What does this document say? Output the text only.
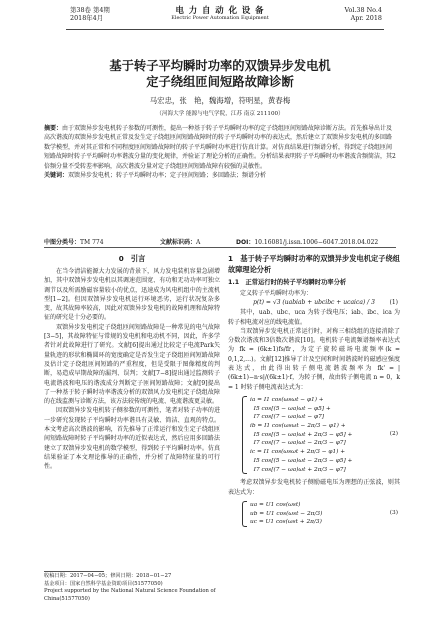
第38卷 第4期
2018年4月
电 力 自 动 化 设 备
Electric Power Automation Equipment
Vol.38 No.4
Apr. 2018
基于转子平均瞬时功率的双馈异步发电机
定子绕组匝间短路故障诊断
马宏忠，张　艳，魏海增，符明星，黄春梅
（河海大学 能源与电气学院，江苏 南京 211100）
摘要：由于双馈异步发电机转子参数的可测性，提出一种基于转子平均瞬时功率的定子绕组匝间短路故障诊断方法。首先推导出计及高次谐波的双馈异步发电机正常及发生定子绕组匝间短路故障时的转子平均瞬时功率的表达式，然后建立了双馈异步发电机的多回路数学模型，并对其正常和不同程度匝间短路故障时的转子平均瞬时功率进行仿真计算。对仿真结果进行频谱分析，得到定子绕组匝间短路故障时转子平均瞬时功率谐波分量的变化规律，并验证了理论分析的正确性。分析结果表明转子平均瞬时功率谐波含频简洁，其2倍频分量不受转差率影响，高次谐波分量对定子绕组匝间短路故障有较强的灵敏性。
关键词：双馈异步发电机；转子平均瞬时功率；定子匝间短路；多回路法；频谱分析
中图分类号：TM 774	文献标识码：A	DOI：10.16081/j.issn.1006−6047.2018.04.022
0　引言
在当今清洁能源大力发展的背景下，风力发电装机容量急剧增加，其中双馈异步发电机以其调速范围宽、有功和无功功率可独立调节以及所需励磁容量较小的优点，迅速成为风电机组中的主流机型[1−2]。但因双馈异步发电机运行环境恶劣，运行状况复杂多变，故其故障率较高，因此对双馈异步发电机的故障机理和故障特征的研究是十分必要的。
双馈异步发电机定子绕组匝间短路故障是一种常见的电气故障[3−5]，其故障特征与常规的发电机和电动机不同，因此，许多学者针对此故障进行了研究。文献[6]提出通过比较定子电流Park矢量轨迹的形状和椭圆环的宽度确定是否发生定子绕组匝间短路故障及估计定子绕组匝间短路的严重程度，但是受限于图像精度的判断，易造成早期故障的漏判、误判；文献[7−8]提出通过监测转子电流谐波和电压的谐波成分判断定子匝间短路故障；文献[9]提出了一种基于转子瞬时功率谐波分析的双馈风力发电机定子绕组故障的在线监测与诊断方法，该方法较传统的电流、电流谐波更灵敏。
因双馈异步发电机转子侧参数的可测性，笔者对转子功率的进一步研究发现转子平均瞬时功率谐具有灵敏、简洁、直观的特点。本文考虑高次谐波的影响，首先推导了正常运行和发生定子绕组匝间短路故障时转子平均瞬时功率的近似表达式，然后应用多回路法建立了双馈异步发电机的数学模型，得到转子平均瞬时功率。仿真结果验证了本文理论推导的正确性，并分析了故障特征量的可行性。
1　基于转子平均瞬时功率的双馈异步发电机定子绕组故障理论分析
1.1　正常运行时的转子平均瞬时功率分析
定义转子平均瞬时功率为：
p(t) = √3 (uabiab + ubcibc + ucaica) / 3 (1)
其中，uab、ubc、uca 为转子线电压；iab、ibc、ica 为转子相电流对应的线电流值。
当双馈异步发电机正常运行时，对称三相绕组的连接消除了分数次谐波和3倍数次谐波[10]。电机转子电流频谱频率表达式为 fk = (6k±1)fs/fr，为定子旋转磁场电流频率(k = 0,1,2,…)。文献[12]推导了计及空间和时间谐波时的磁感应强度表达式，由此得出转子侧电流谐波频率为 fk' = |(6k±1)−n·s|/(6k±1)·f，为转子侧，故由转子侧电流 n = 0，k = 1 时转子侧电流表达式为：
ia = I1 cos(ωsωt − φ1) +
I5 cos[(5 − ωa)ωt − φ5] +
I7 cos[(7 − ωa)ωt − φ7]
ib = I1 cos(ωsωt − 2π/3 − φ1) +
I5 cos[(5 − ωa)ωt + 2π/3 − φ5] +
I7 cos[(7 − ωa)ωt − 2π/3 − φ7]
ic = I1 cos(ωsωt + 2π/3 − φ1) +
I5 cos[(5 − ωa)ωt − 2π/3 − φ5] +
I7 cos[(7 − ωa)ωt + 2π/3 − φ7]
(2)
考虑双馈异步发电机转子侧励磁电压为理想的正弦波，则其表达式为：
ua = U1 cos(ωst)
ub = U1 cos(ωst − 2π/3)
uc = U1 cos(ωst + 2π/3)
(3)
收稿日期：2017−04−05；修回日期：2018−01−27
基金项目：国家自然科学基金资助项目(51577050)
Project supported by the National Natural Science Foundation of China(51577050)
